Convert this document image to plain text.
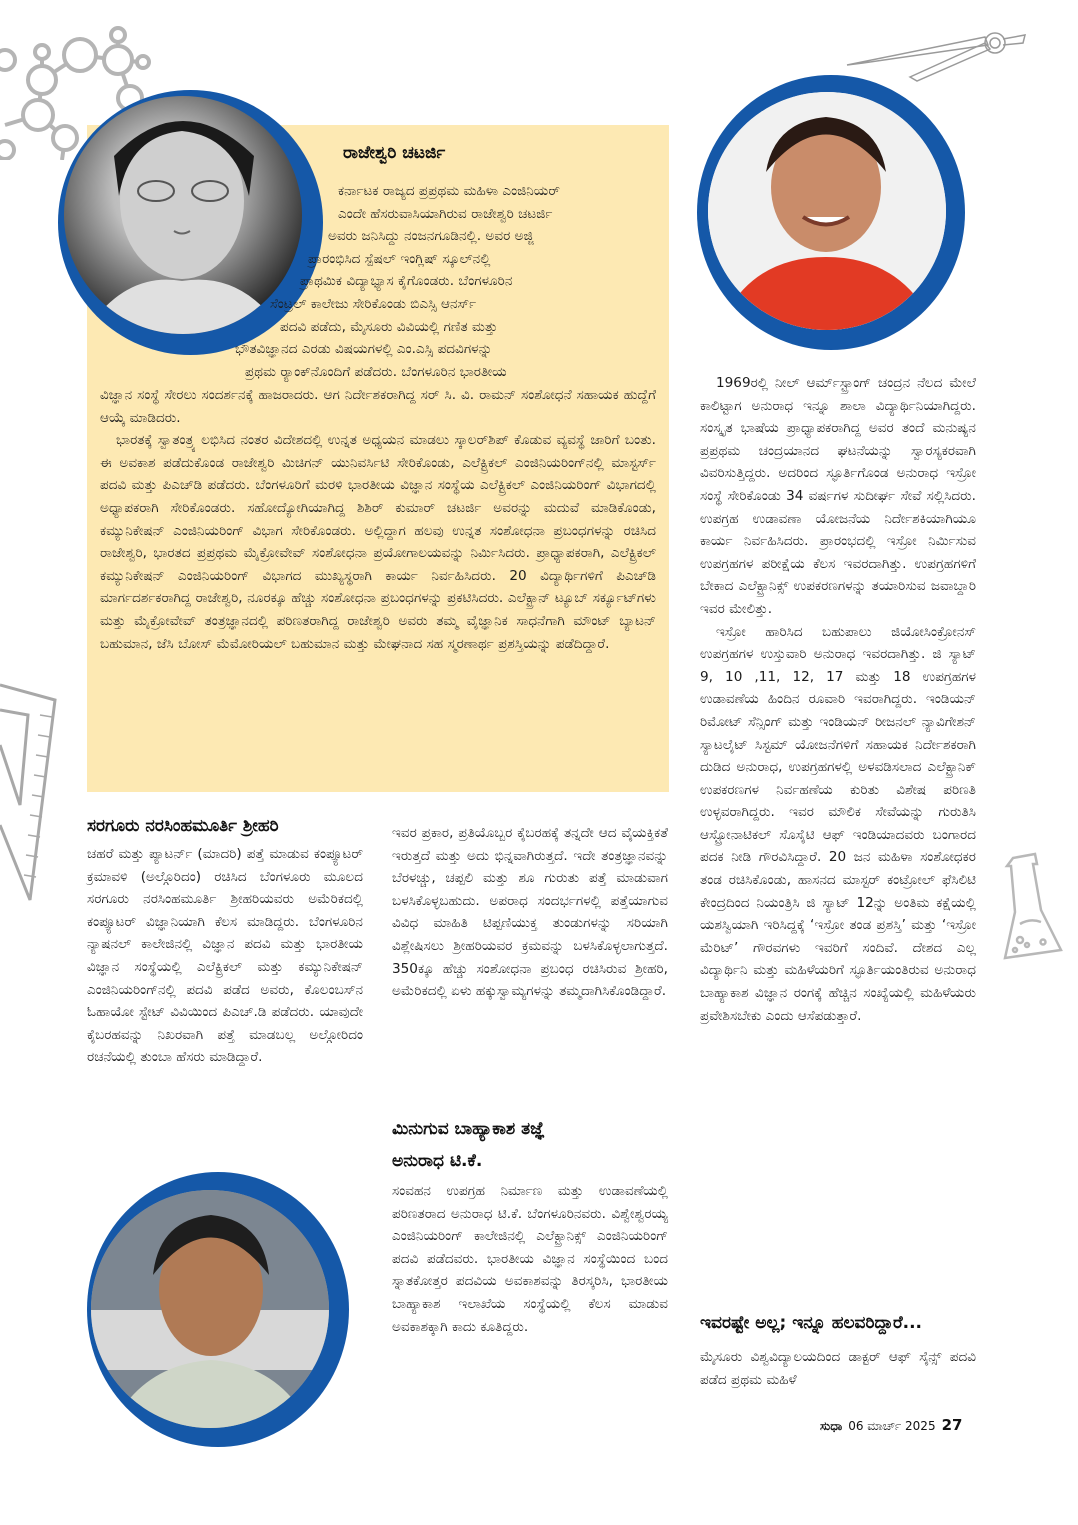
ರಾಜೇಶ್ವರಿ ಚಟರ್ಜಿ
ಕರ್ನಾಟಕ ರಾಜ್ಯದ ಪ್ರಪ್ರಥಮ ಮಹಿಳಾ ಎಂಜಿನಿಯರ್
ಎಂದೇ ಹೆಸರುವಾಸಿಯಾಗಿರುವ ರಾಜೇಶ್ವರಿ ಚಟರ್ಜಿ
ಅವರು ಜನಿಸಿದ್ದು ನಂಜನಗೂಡಿನಲ್ಲಿ. ಅವರ ಅಜ್ಜಿ
ಪ್ರಾರಂಭಿಸಿದ ಸ್ಪೆಷಲ್ ಇಂಗ್ಲಿಷ್ ಸ್ಕೂಲ್‌ನಲ್ಲಿ
ಪ್ರಾಥಮಿಕ ವಿದ್ಯಾಭ್ಯಾಸ ಕೈಗೊಂಡರು. ಬೆಂಗಳೂರಿನ
ಸೆಂಟ್ರಲ್ ಕಾಲೇಜು ಸೇರಿಕೊಂಡು ಬಿಎಸ್ಸಿ ಆನರ್ಸ್
ಪದವಿ ಪಡೆದು, ಮೈಸೂರು ವಿವಿಯಲ್ಲಿ ಗಣಿತ ಮತ್ತು
ಭೌತವಿಜ್ಞಾನದ ಎರಡು ವಿಷಯಗಳಲ್ಲಿ ಎಂ.ಎಸ್ಸಿ ಪದವಿಗಳನ್ನು
ಪ್ರಥಮ ರ್‍ಯಾಂಕ್‌ನೊಂದಿಗೆ ಪಡೆದರು. ಬೆಂಗಳೂರಿನ ಭಾರತೀಯ

ವಿಜ್ಞಾನ ಸಂಸ್ಥೆ ಸೇರಲು ಸಂದರ್ಶನಕ್ಕೆ ಹಾಜರಾದರು. ಆಗ ನಿರ್ದೇಶಕರಾಗಿದ್ದ ಸರ್ ಸಿ. ವಿ. ರಾಮನ್ ಸಂಶೋಧನೆ ಸಹಾಯಕ ಹುದ್ದೆಗೆ ಆಯ್ಕೆ ಮಾಡಿದರು.

ಭಾರತಕ್ಕೆ ಸ್ವಾತಂತ್ರ್ಯ ಲಭಿಸಿದ ನಂತರ ವಿದೇಶದಲ್ಲಿ ಉನ್ನತ ಅಧ್ಯಯನ ಮಾಡಲು ಸ್ಕಾಲರ್‌ಶಿಪ್ ಕೊಡುವ ವ್ಯವಸ್ಥೆ ಜಾರಿಗೆ ಬಂತು. ಈ ಅವಕಾಶ ಪಡೆದುಕೊಂಡ ರಾಜೇಶ್ವರಿ ಮಿಚಿಗನ್ ಯುನಿವರ್ಸಿಟಿ ಸೇರಿಕೊಂಡು, ಎಲೆಕ್ಟ್ರಿಕಲ್ ಎಂಜಿನಿಯರಿಂಗ್‌ನಲ್ಲಿ ಮಾಸ್ಟರ್ಸ್ ಪದವಿ ಮತ್ತು ಪಿಎಚ್‌ಡಿ ಪಡೆದರು. ಬೆಂಗಳೂರಿಗೆ ಮರಳಿ ಭಾರತೀಯ ವಿಜ್ಞಾನ ಸಂಸ್ಥೆಯ ಎಲೆಕ್ಟ್ರಿಕಲ್ ಎಂಜಿನಿಯರಿಂಗ್ ವಿಭಾಗದಲ್ಲಿ ಅಧ್ಯಾಪಕರಾಗಿ ಸೇರಿಕೊಂಡರು. ಸಹೋದ್ಯೋಗಿಯಾಗಿದ್ದ ಶಿಶಿರ್ ಕುಮಾರ್ ಚಟರ್ಜಿ ಅವರನ್ನು ಮದುವೆ ಮಾಡಿಕೊಂಡು, ಕಮ್ಯುನಿಕೇಷನ್ ಎಂಜಿನಿಯರಿಂಗ್ ವಿಭಾಗ ಸೇರಿಕೊಂಡರು. ಅಲ್ಲಿದ್ದಾಗ ಹಲವು ಉನ್ನತ ಸಂಶೋಧನಾ ಪ್ರಬಂಧಗಳನ್ನು ರಚಿಸಿದ ರಾಜೇಶ್ವರಿ, ಭಾರತದ ಪ್ರಪ್ರಥಮ ಮೈಕ್ರೋವೇವ್ ಸಂಶೋಧನಾ ಪ್ರಯೋಗಾಲಯವನ್ನು ನಿರ್ಮಿಸಿದರು. ಪ್ರಾಧ್ಯಾಪಕರಾಗಿ, ಎಲೆಕ್ಟ್ರಿಕಲ್ ಕಮ್ಯುನಿಕೇಷನ್ ಎಂಜಿನಿಯರಿಂಗ್ ವಿಭಾಗದ ಮುಖ್ಯಸ್ಥರಾಗಿ ಕಾರ್ಯ ನಿರ್ವಹಿಸಿದರು. 20 ವಿದ್ಯಾರ್ಥಿಗಳಿಗೆ ಪಿಎಚ್‌ಡಿ ಮಾರ್ಗದರ್ಶಕರಾಗಿದ್ದ ರಾಜೇಶ್ವರಿ, ನೂರಕ್ಕೂ ಹೆಚ್ಚು ಸಂಶೋಧನಾ ಪ್ರಬಂಧಗಳನ್ನು ಪ್ರಕಟಿಸಿದರು. ಎಲೆಕ್ಟ್ರಾನ್ ಟ್ಯೂಬ್ ಸರ್ಕ್ಯೂಟ್‌ಗಳು ಮತ್ತು ಮೈಕ್ರೋವೇವ್ ತಂತ್ರಜ್ಞಾನದಲ್ಲಿ ಪರಿಣತರಾಗಿದ್ದ ರಾಜೇಶ್ವರಿ ಅವರು ತಮ್ಮ ವೈಜ್ಞಾನಿಕ ಸಾಧನೆಗಾಗಿ ಮೌಂಟ್ ಬ್ಯಾಟನ್ ಬಹುಮಾನ, ಜೆಸಿ ಬೋಸ್ ಮೆಮೋರಿಯಲ್ ಬಹುಮಾನ ಮತ್ತು ಮೇಘನಾದ ಸಹ ಸ್ಮರಣಾರ್ಥ ಪ್ರಶಸ್ತಿಯನ್ನು ಪಡೆದಿದ್ದಾರೆ.

ಸರಗೂರು ನರಸಿಂಹಮೂರ್ತಿ ಶ್ರೀಹರಿ

ಚಹರೆ ಮತ್ತು ಪ್ಯಾಟರ್ನ್ (ಮಾದರಿ) ಪತ್ತೆ ಮಾಡುವ ಕಂಪ್ಯೂಟರ್ ಕ್ರಮಾವಳಿ (ಅಲ್ಗೊರಿದಂ) ರಚಿಸಿದ ಬೆಂಗಳೂರು ಮೂಲದ ಸರಗೂರು ನರಸಿಂಹಮೂರ್ತಿ ಶ್ರೀಹರಿಯವರು ಅಮೆರಿಕದಲ್ಲಿ ಕಂಪ್ಯೂಟರ್ ವಿಜ್ಞಾನಿಯಾಗಿ ಕೆಲಸ ಮಾಡಿದ್ದರು. ಬೆಂಗಳೂರಿನ ನ್ಯಾಷನಲ್ ಕಾಲೇಜಿನಲ್ಲಿ ವಿಜ್ಞಾನ ಪದವಿ ಮತ್ತು ಭಾರತೀಯ ವಿಜ್ಞಾನ ಸಂಸ್ಥೆಯಲ್ಲಿ ಎಲೆಕ್ಟ್ರಿಕಲ್ ಮತ್ತು ಕಮ್ಯುನಿಕೇಷನ್ ಎಂಜಿನಿಯರಿಂಗ್‌ನಲ್ಲಿ ಪದವಿ ಪಡೆದ ಅವರು, ಕೊಲಂಬಸ್‌ನ ಓಹಾಯೋ ಸ್ಟೇಟ್ ವಿವಿಯಿಂದ ಪಿಎಚ್.ಡಿ ಪಡೆದರು. ಯಾವುದೇ ಕೈಬರಹವನ್ನು ನಿಖರವಾಗಿ ಪತ್ತೆ ಮಾಡಬಲ್ಲ ಅಲ್ಗೋರಿದಂ ರಚನೆಯಲ್ಲಿ ತುಂಬಾ ಹೆಸರು ಮಾಡಿದ್ದಾರೆ.

ಇವರ ಪ್ರಕಾರ, ಪ್ರತಿಯೊಬ್ಬರ ಕೈಬರಹಕ್ಕೆ ತನ್ನದೇ ಆದ ವೈಯಕ್ತಿಕತೆ ಇರುತ್ತದೆ ಮತ್ತು ಅದು ಭಿನ್ನವಾಗಿರುತ್ತದೆ. ಇದೇ ತಂತ್ರಜ್ಞಾನವನ್ನು ಬೆರಳಚ್ಚು, ಚಪ್ಪಲಿ ಮತ್ತು ಶೂ ಗುರುತು ಪತ್ತೆ ಮಾಡುವಾಗ ಬಳಸಿಕೊಳ್ಳಬಹುದು. ಅಪರಾಧ ಸಂದರ್ಭಗಳಲ್ಲಿ ಪತ್ತೆಯಾಗುವ ವಿವಿಧ ಮಾಹಿತಿ ಟಿಪ್ಪಣಿಯುಕ್ತ ತುಂಡುಗಳನ್ನು ಸರಿಯಾಗಿ ವಿಶ್ಲೇಷಿಸಲು ಶ್ರೀಹರಿಯವರ ಕ್ರಮವನ್ನು ಬಳಸಿಕೊಳ್ಳಲಾಗುತ್ತದೆ. 350ಕ್ಕೂ ಹೆಚ್ಚು ಸಂಶೋಧನಾ ಪ್ರಬಂಧ ರಚಿಸಿರುವ ಶ್ರೀಹರಿ, ಅಮೆರಿಕದಲ್ಲಿ ಏಳು ಹಕ್ಕುಸ್ವಾಮ್ಯಗಳನ್ನು ತಮ್ಮದಾಗಿಸಿಕೊಂಡಿದ್ದಾರೆ.

ಮಿನುಗುವ ಬಾಹ್ಯಾಕಾಶ ತಜ್ಞೆ
ಅನುರಾಧ ಟಿ.ಕೆ.

ಸಂವಹನ ಉಪಗ್ರಹ ನಿರ್ಮಾಣ ಮತ್ತು ಉಡಾವಣೆಯಲ್ಲಿ ಪರಿಣತರಾದ ಅನುರಾಧ ಟಿ.ಕೆ. ಬೆಂಗಳೂರಿನವರು. ವಿಶ್ವೇಶ್ವರಯ್ಯ ಎಂಜಿನಿಯರಿಂಗ್ ಕಾಲೇಜಿನಲ್ಲಿ ಎಲೆಕ್ಟ್ರಾನಿಕ್ಸ್ ಎಂಜಿನಿಯರಿಂಗ್ ಪದವಿ ಪಡೆದವರು. ಭಾರತೀಯ ವಿಜ್ಞಾನ ಸಂಸ್ಥೆಯಿಂದ ಬಂದ ಸ್ನಾತಕೋತ್ತರ ಪದವಿಯ ಅವಕಾಶವನ್ನು ತಿರಸ್ಕರಿಸಿ, ಭಾರತೀಯ ಬಾಹ್ಯಾಕಾಶ ಇಲಾಖೆಯ ಸಂಸ್ಥೆಯಲ್ಲಿ ಕೆಲಸ ಮಾಡುವ ಅವಕಾಶಕ್ಕಾಗಿ ಕಾದು ಕೂತಿದ್ದರು.

1969ರಲ್ಲಿ ನೀಲ್ ಆರ್ಮ್‌ಸ್ಟ್ರಾಂಗ್ ಚಂದ್ರನ ನೆಲದ ಮೇಲೆ ಕಾಲಿಟ್ಟಾಗ ಅನುರಾಧ ಇನ್ನೂ ಶಾಲಾ ವಿದ್ಯಾರ್ಥಿನಿಯಾಗಿದ್ದರು. ಸಂಸ್ಕೃತ ಭಾಷೆಯ ಪ್ರಾಧ್ಯಾಪಕರಾಗಿದ್ದ ಅವರ ತಂದೆ ಮನುಷ್ಯನ ಪ್ರಪ್ರಥಮ ಚಂದ್ರಯಾನದ ಘಟನೆಯನ್ನು ಸ್ವಾರಸ್ಯಕರವಾಗಿ ವಿವರಿಸುತ್ತಿದ್ದರು. ಅದರಿಂದ ಸ್ಫೂರ್ತಿಗೊಂಡ ಅನುರಾಧ ಇಸ್ರೋ ಸಂಸ್ಥೆ ಸೇರಿಕೊಂಡು 34 ವರ್ಷಗಳ ಸುದೀರ್ಘ ಸೇವೆ ಸಲ್ಲಿಸಿದರು. ಉಪಗ್ರಹ ಉಡಾವಣಾ ಯೋಜನೆಯ ನಿರ್ದೇಶಕಿಯಾಗಿಯೂ ಕಾರ್ಯ ನಿರ್ವಹಿಸಿದರು. ಪ್ರಾರಂಭದಲ್ಲಿ ಇಸ್ರೋ ನಿರ್ಮಿಸುವ ಉಪಗ್ರಹಗಳ ಪರೀಕ್ಷೆಯ ಕೆಲಸ ಇವರದಾಗಿತ್ತು. ಉಪಗ್ರಹಗಳಿಗೆ ಬೇಕಾದ ಎಲೆಕ್ಟ್ರಾನಿಕ್ಸ್ ಉಪಕರಣಗಳನ್ನು ತಯಾರಿಸುವ ಜವಾಬ್ದಾರಿ ಇವರ ಮೇಲಿತ್ತು.

ಇಸ್ರೋ ಹಾರಿಸಿದ ಬಹುಪಾಲು ಜಿಯೋಸಿಂಕ್ರೋನಸ್ ಉಪಗ್ರಹಗಳ ಉಸ್ತುವಾರಿ ಅನುರಾಧ ಇವರದಾಗಿತ್ತು. ಜಿ ಸ್ಯಾಟ್ 9, 10 ,11, 12, 17 ಮತ್ತು 18 ಉಪಗ್ರಹಗಳ ಉಡಾವಣೆಯ ಹಿಂದಿನ ರೂವಾರಿ ಇವರಾಗಿದ್ದರು. ಇಂಡಿಯನ್ ರಿಮೋಟ್ ಸೆನ್ಸಿಂಗ್ ಮತ್ತು ಇಂಡಿಯನ್ ರೀಜನಲ್ ನ್ಯಾವಿಗೇಶನ್ ಸ್ಯಾಟಲೈಟ್ ಸಿಸ್ಟಮ್ ಯೋಜನೆಗಳಿಗೆ ಸಹಾಯಕ ನಿರ್ದೇಶಕರಾಗಿ ದುಡಿದ ಅನುರಾಧ, ಉಪಗ್ರಹಗಳಲ್ಲಿ ಅಳವಡಿಸಲಾದ ಎಲೆಕ್ಟ್ರಾನಿಕ್ ಉಪಕರಣಗಳ ನಿರ್ವಹಣೆಯ ಕುರಿತು ವಿಶೇಷ ಪರಿಣತಿ ಉಳ್ಳವರಾಗಿದ್ದರು. ಇವರ ಮೌಲಿಕ ಸೇವೆಯನ್ನು ಗುರುತಿಸಿ ಆಸ್ಟ್ರೋನಾಟಿಕಲ್ ಸೊಸೈಟಿ ಆಫ್ ಇಂಡಿಯಾದವರು ಬಂಗಾರದ ಪದಕ ನೀಡಿ ಗೌರವಿಸಿದ್ದಾರೆ. 20 ಜನ ಮಹಿಳಾ ಸಂಶೋಧಕರ ತಂಡ ರಚಿಸಿಕೊಂಡು, ಹಾಸನದ ಮಾಸ್ಟರ್ ಕಂಟ್ರೋಲ್ ಫೆಸಿಲಿಟಿ ಕೇಂದ್ರದಿಂದ ನಿಯಂತ್ರಿಸಿ ಜಿ ಸ್ಯಾಟ್ 12ನ್ನು ಅಂತಿಮ ಕಕ್ಷೆಯಲ್ಲಿ ಯಶಸ್ವಿಯಾಗಿ ಇರಿಸಿದ್ದಕ್ಕೆ ‘ಇಸ್ರೋ ತಂಡ ಪ್ರಶಸ್ತಿ’ ಮತ್ತು ‘ಇಸ್ರೋ ಮೆರಿಟ್’ ಗೌರವಗಳು ಇವರಿಗೆ ಸಂದಿವೆ. ದೇಶದ ಎಲ್ಲ ವಿದ್ಯಾರ್ಥಿನಿ ಮತ್ತು ಮಹಿಳೆಯರಿಗೆ ಸ್ಫೂರ್ತಿಯಂತಿರುವ ಅನುರಾಧ ಬಾಹ್ಯಾಕಾಶ ವಿಜ್ಞಾನ ರಂಗಕ್ಕೆ ಹೆಚ್ಚಿನ ಸಂಖ್ಯೆಯಲ್ಲಿ ಮಹಿಳೆಯರು ಪ್ರವೇಶಿಸಬೇಕು ಎಂದು ಆಸೆಪಡುತ್ತಾರೆ.

ಇವರಷ್ಟೇ ಅಲ್ಲ; ಇನ್ನೂ ಹಲವರಿದ್ದಾರೆ...

ಮೈಸೂರು ವಿಶ್ವವಿದ್ಯಾಲಯದಿಂದ ಡಾಕ್ಟರ್ ಆಫ್ ಸೈನ್ಸ್ ಪದವಿ ಪಡೆದ ಪ್ರಥಮ ಮಹಿಳೆ

ಸುಧಾ 06 ಮಾರ್ಚ್ 2025 27
